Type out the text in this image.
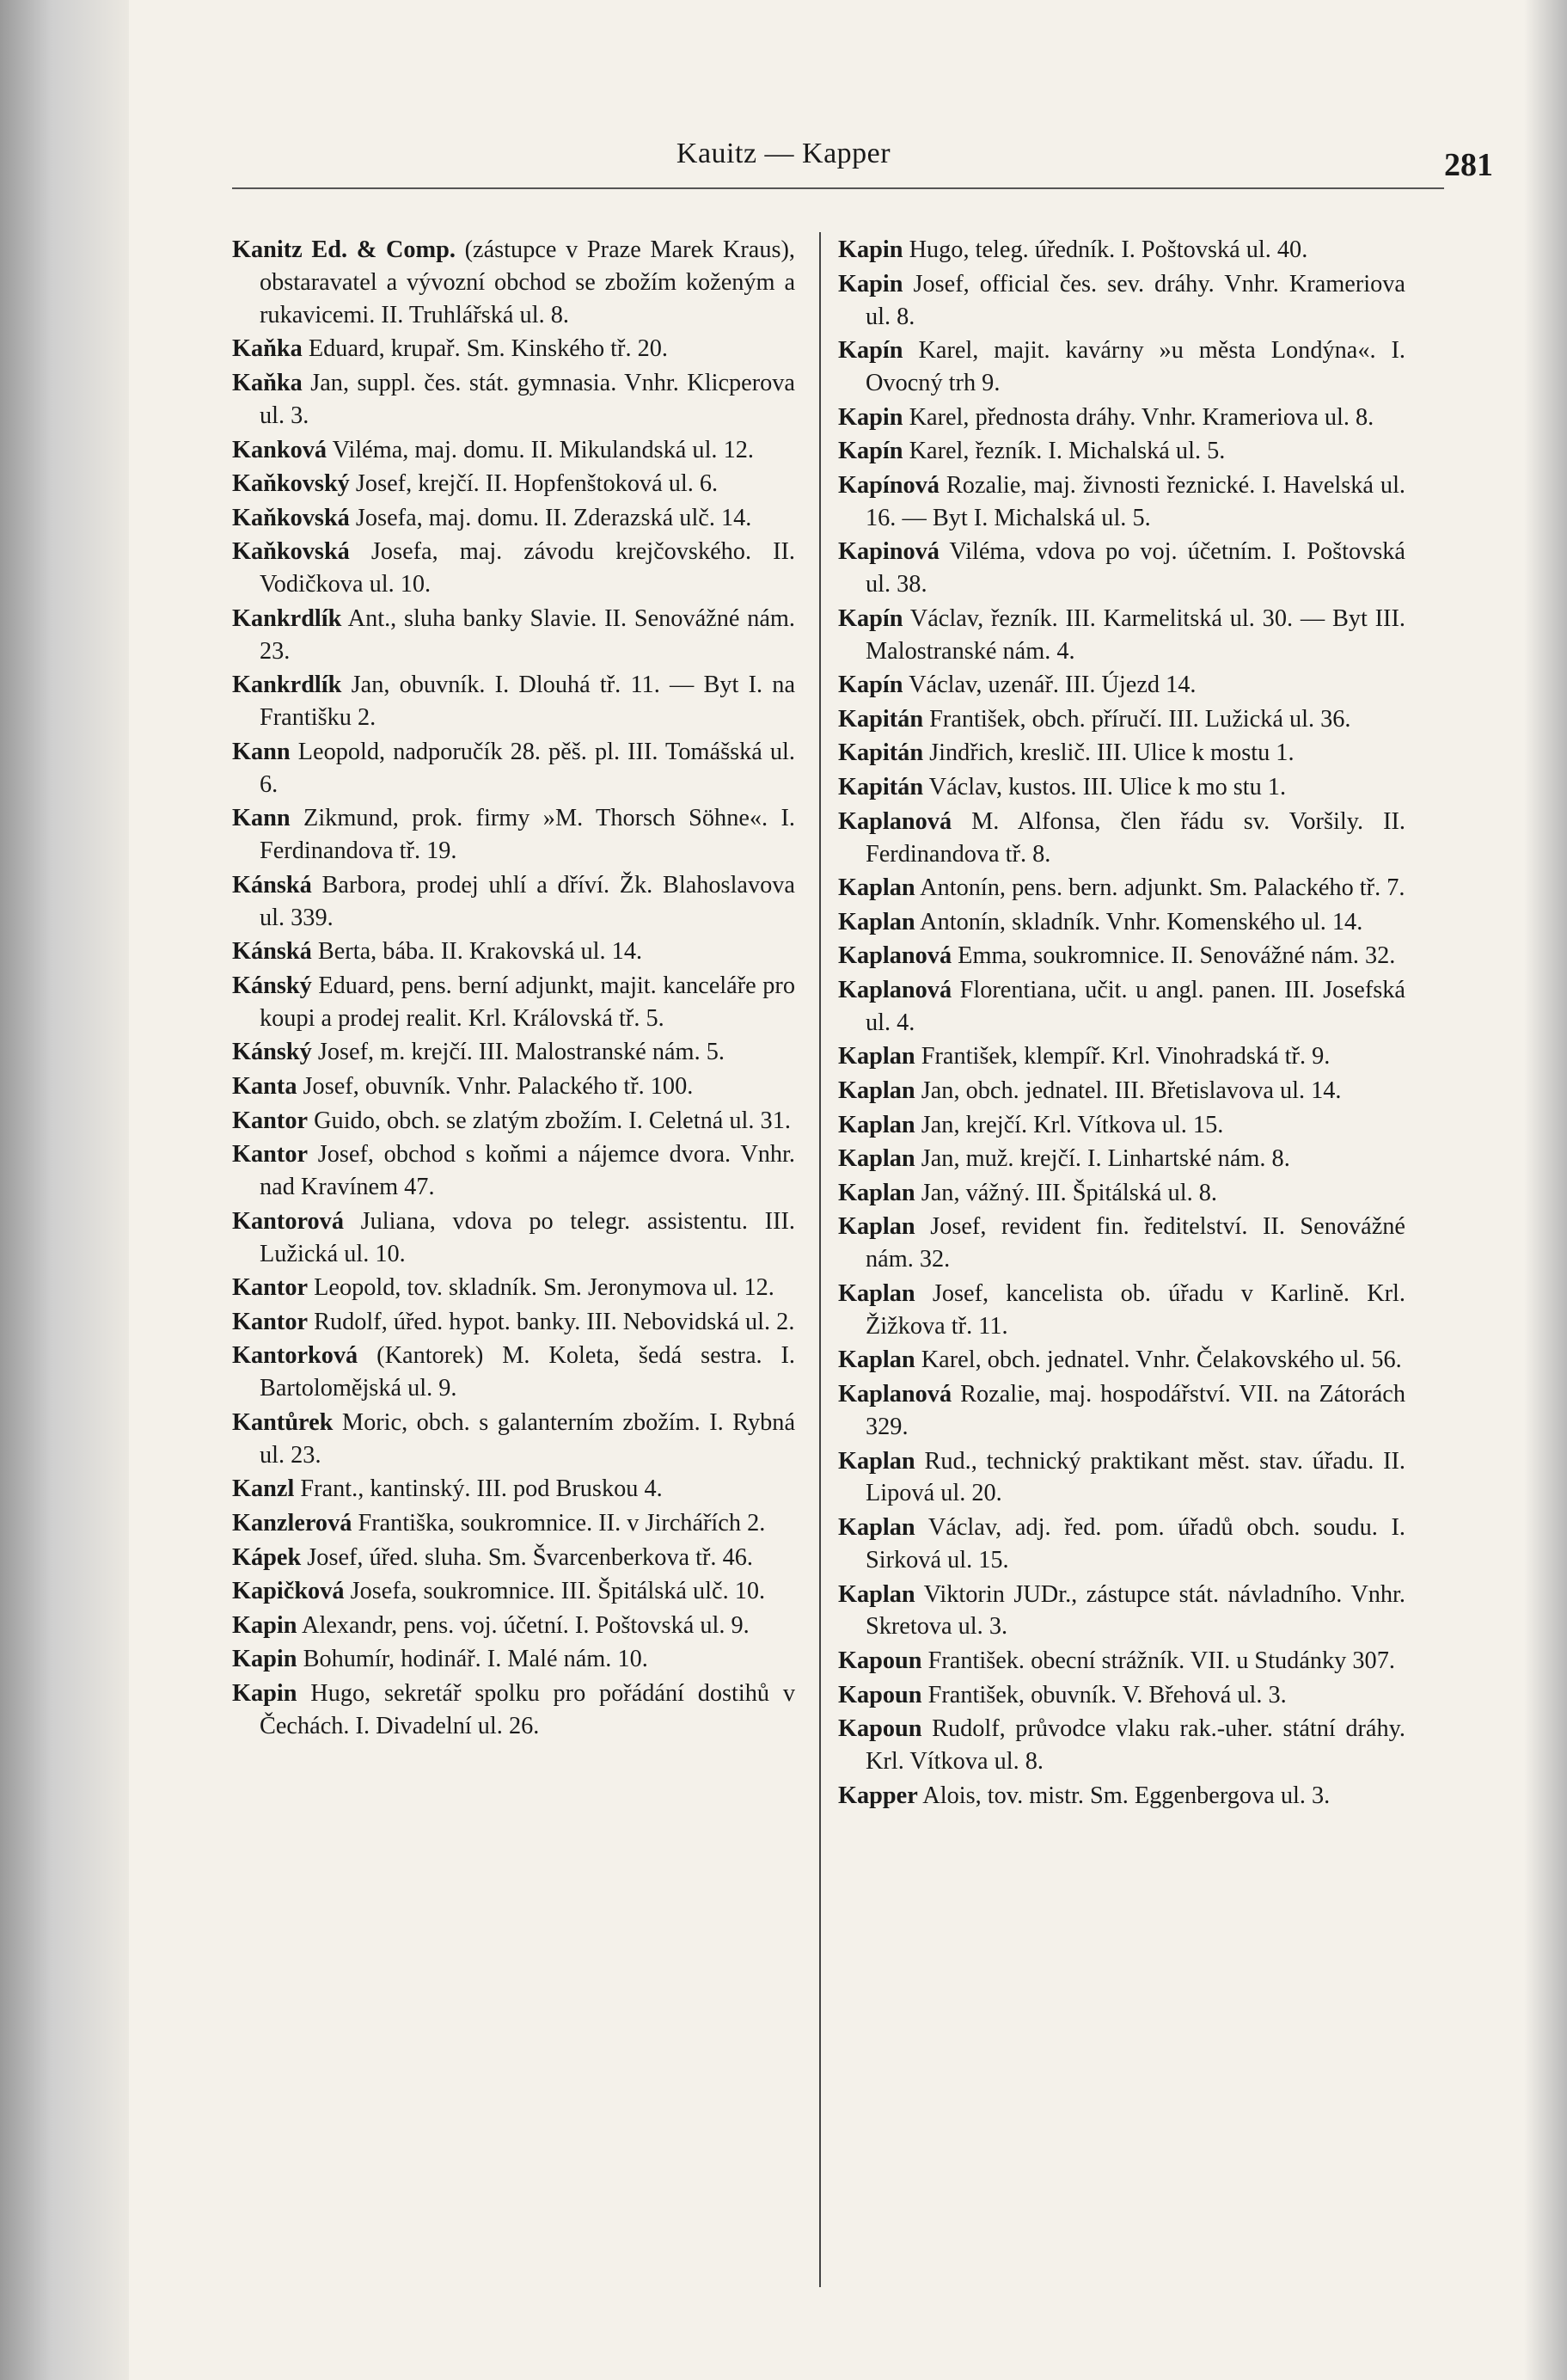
Kauitz — Kapper	281

Kanitz Ed. & Comp. (zástupce v Praze Marek Kraus), obstaravatel a vývozní obchod se zbožím koženým a rukavicemi. II. Truhlářská ul. 8.

Kaňka Eduard, krupař. Sm. Kinského tř. 20.

Kaňka Jan, suppl. čes. stát. gymnasia. Vnhr. Klicperova ul. 3.

Kanková Viléma, maj. domu. II. Mikulandská ul. 12.

Kaňkovský Josef, krejčí. II. Hopfenštoková ul. 6.

Kaňkovská Josefa, maj. domu. II. Zderazská ulč. 14.

Kaňkovská Josefa, maj. závodu krejčovského. II. Vodičkova ul. 10.

Kankrdlík Ant., sluha banky Slavie. II. Senovážné nám. 23.

Kankrdlík Jan, obuvník. I. Dlouhá tř. 11. — Byt I. na Františku 2.

Kann Leopold, nadporučík 28. pěš. pl. III. Tomášská ul. 6.

Kann Zikmund, prok. firmy »M. Thorsch Söhne«. I. Ferdinandova tř. 19.

Kánská Barbora, prodej uhlí a dříví. Žk. Blahoslavova ul. 339.

Kánská Berta, bába. II. Krakovská ul. 14.

Kánský Eduard, pens. berní adjunkt, majit. kanceláře pro koupi a prodej realit. Krl. Královská tř. 5.

Kánský Josef, m. krejčí. III. Malostranské nám. 5.

Kanta Josef, obuvník. Vnhr. Palackého tř. 100.

Kantor Guido, obch. se zlatým zbožím. I. Celetná ul. 31.

Kantor Josef, obchod s koňmi a nájemce dvora. Vnhr. nad Kravínem 47.

Kantorová Juliana, vdova po telegr. assistentu. III. Lužická ul. 10.

Kantor Leopold, tov. skladník. Sm. Jeronymova ul. 12.

Kantor Rudolf, úřed. hypot. banky. III. Nebovidská ul. 2.

Kantorková (Kantorek) M. Koleta, šedá sestra. I. Bartolomějská ul. 9.

Kantůrek Moric, obch. s galanterním zbožím. I. Rybná ul. 23.

Kanzl Frant., kantinský. III. pod Bruskou 4.

Kanzlerová Františka, soukromnice. II. v Jirchářích 2.

Kápek Josef, úřed. sluha. Sm. Švarcenberkova tř. 46.

Kapičková Josefa, soukromnice. III. Špitálská ulč. 10.

Kapin Alexandr, pens. voj. účetní. I. Poštovská ul. 9.

Kapin Bohumír, hodinář. I. Malé nám. 10.

Kapin Hugo, sekretář spolku pro pořádání dostihů v Čechách. I. Divadelní ul. 26.

Kapin Hugo, teleg. úředník. I. Poštovská ul. 40.

Kapin Josef, official čes. sev. dráhy. Vnhr. Krameriova ul. 8.

Kapín Karel, majit. kavárny »u města Londýna«. I. Ovocný trh 9.

Kapin Karel, přednosta dráhy. Vnhr. Krameriova ul. 8.

Kapín Karel, řezník. I. Michalská ul. 5.

Kapínová Rozalie, maj. živnosti řeznické. I. Havelská ul. 16. — Byt I. Michalská ul. 5.

Kapinová Viléma, vdova po voj. účetním. I. Poštovská ul. 38.

Kapín Václav, řezník. III. Karmelitská ul. 30. — Byt III. Malostranské nám. 4.

Kapín Václav, uzenář. III. Újezd 14.

Kapitán František, obch. příručí. III. Lužická ul. 36.

Kapitán Jindřich, kreslič. III. Ulice k mostu 1.

Kapitán Václav, kustos. III. Ulice k mo stu 1.

Kaplanová M. Alfonsa, člen řádu sv. Voršily. II. Ferdinandova tř. 8.

Kaplan Antonín, pens. bern. adjunkt. Sm. Palackého tř. 7.

Kaplan Antonín, skladník. Vnhr. Komenského ul. 14.

Kaplanová Emma, soukromnice. II. Senovážné nám. 32.

Kaplanová Florentiana, učit. u angl. panen. III. Josefská ul. 4.

Kaplan František, klempíř. Krl. Vinohradská tř. 9.

Kaplan Jan, obch. jednatel. III. Břetislavova ul. 14.

Kaplan Jan, krejčí. Krl. Vítkova ul. 15.

Kaplan Jan, muž. krejčí. I. Linhartské nám. 8.

Kaplan Jan, vážný. III. Špitálská ul. 8.

Kaplan Josef, revident fin. ředitelství. II. Senovážné nám. 32.

Kaplan Josef, kancelista ob. úřadu v Karlině. Krl. Žižkova tř. 11.

Kaplan Karel, obch. jednatel. Vnhr. Čelakovského ul. 56.

Kaplanová Rozalie, maj. hospodářství. VII. na Zátorách 329.

Kaplan Rud., technický praktikant měst. stav. úřadu. II. Lipová ul. 20.

Kaplan Václav, adj. řed. pom. úřadů obch. soudu. I. Sirková ul. 15.

Kaplan Viktorin JUDr., zástupce stát. návladního. Vnhr. Skretova ul. 3.

Kapoun František. obecní strážník. VII. u Studánky 307.

Kapoun František, obuvník. V. Břehová ul. 3.

Kapoun Rudolf, průvodce vlaku rak.-uher. státní dráhy. Krl. Vítkova ul. 8.

Kapper Alois, tov. mistr. Sm. Eggenbergova ul. 3.
